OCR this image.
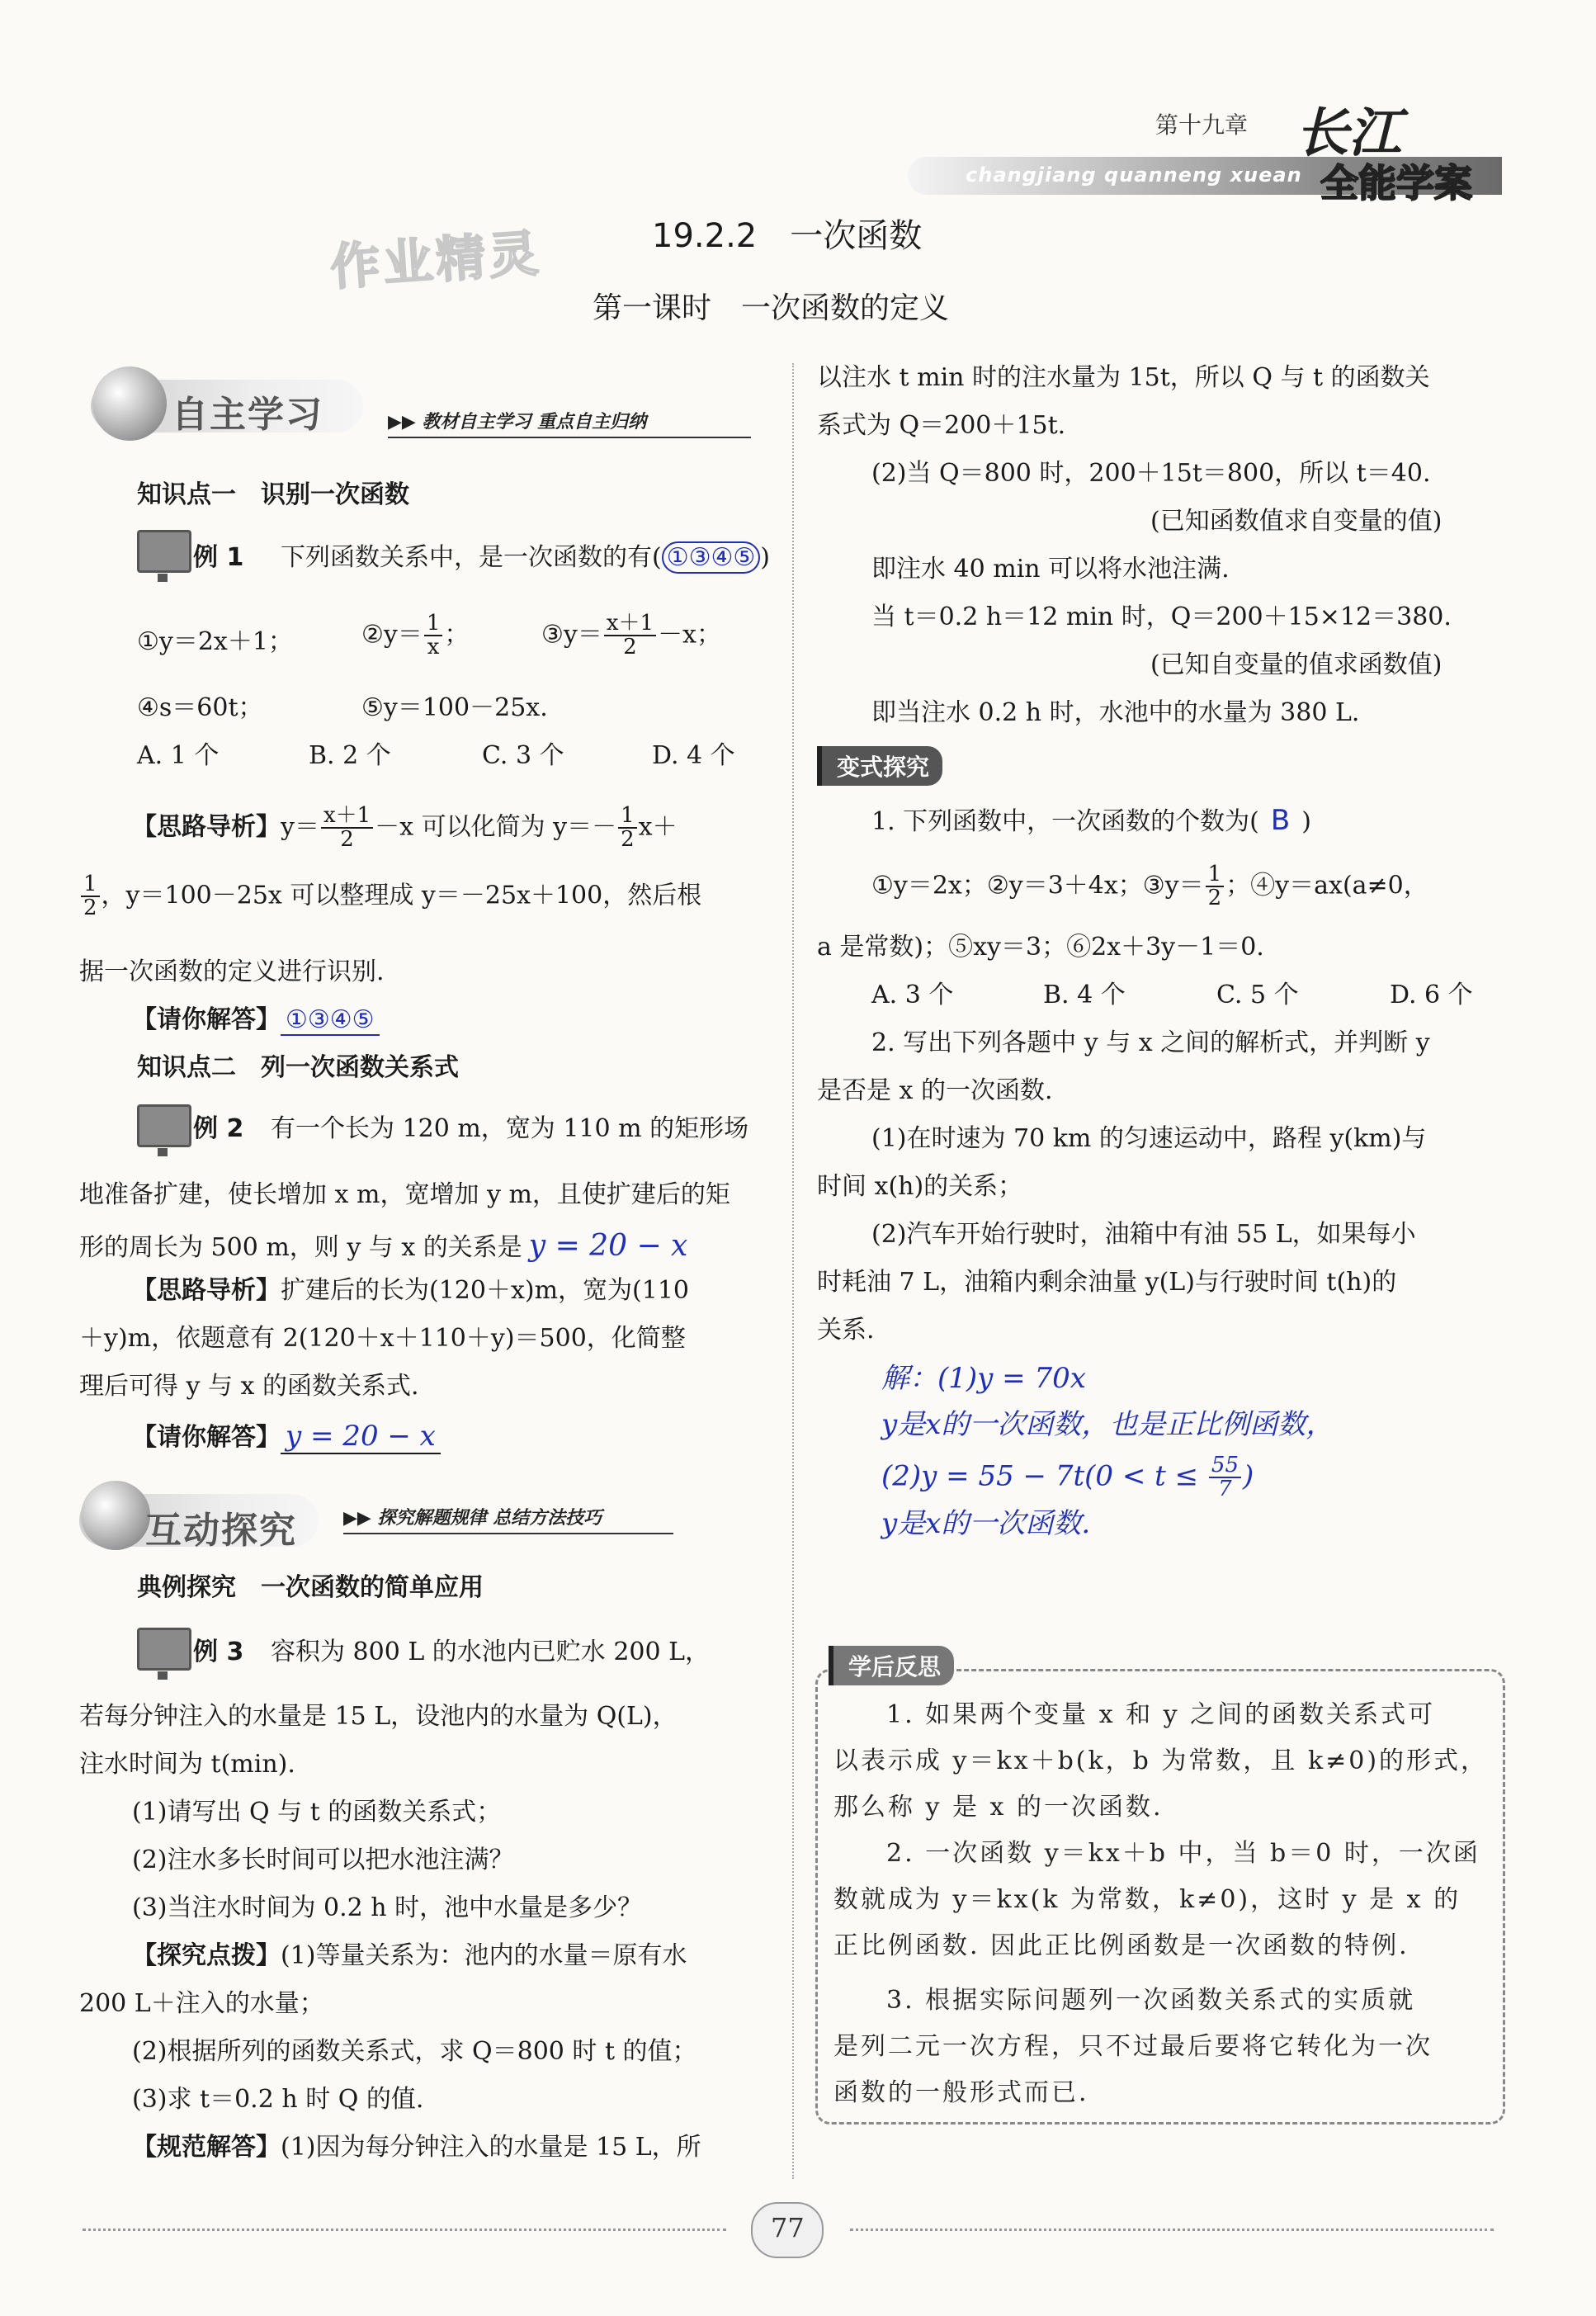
第十九章
changjiang quanneng xuean
长江
全能学案
作业精灵	19.2.2　一次函数
第一课时　一次函数的定义
自主学习	▶▶ 教材自主学习 重点自主归纳
知识点一　识别一次函数
例 1 下列函数关系中，是一次函数的有( ①③④⑤ )
①y＝2x＋1；	②y＝ $\frac{1}{x}$ ；	③y＝ $\frac{x+1}{2} -x$；
④s＝60t；	⑤y＝100－25x.
A. 1 个	B. 2 个	C. 3 个	D. 4 个
【思路导析】$y= \frac{x+1}{2} -x$ 可以化简为 $y=- \frac{1}{2} x+$
$\frac{1}{2}$ ，y＝100－25x 可以整理成 y＝－25x＋100，然后根
据一次函数的定义进行识别.
【请你解答】 ①③④⑤
知识点二　列一次函数关系式
例 2 有一个长为 120 m，宽为 110 m 的矩形场
地准备扩建，使长增加 x m，宽增加 y m，且使扩建后的矩
形的周长为 500 m，则 y 与 x 的关系是 y = 20 − x
【思路导析】扩建后的长为(120＋x)m，宽为(110
＋y)m，依题意有 2(120＋x＋110＋y)＝500，化简整
理后可得 y 与 x 的函数关系式.
【请你解答】 y = 20 − x
互动探究	▶▶ 探究解题规律 总结方法技巧
典例探究　一次函数的简单应用
例 3 容积为 800 L 的水池内已贮水 200 L，
若每分钟注入的水量是 15 L，设池内的水量为 Q(L)，
注水时间为 t(min).
(1)请写出 Q 与 t 的函数关系式；
(2)注水多长时间可以把水池注满？
(3)当注水时间为 0.2 h 时，池中水量是多少？
【探究点拨】(1)等量关系为：池内的水量＝原有水
200 L＋注入的水量；
(2)根据所列的函数关系式，求 Q＝800 时 t 的值；
(3)求 t＝0.2 h 时 Q 的值.
【规范解答】(1)因为每分钟注入的水量是 15 L，所
以注水 t min 时的注水量为 15t，所以 Q 与 t 的函数关
系式为 Q＝200＋15t.
(2)当 Q＝800 时，200＋15t＝800，所以 t＝40.
(已知函数值求自变量的值)
即注水 40 min 可以将水池注满.
当 t＝0.2 h＝12 min 时，Q＝200＋15×12＝380.
(已知自变量的值求函数值)
即当注水 0.2 h 时，水池中的水量为 380 L.
变式探究
1. 下列函数中，一次函数的个数为( B )
①y＝2x；②y＝3＋4x；③y＝ $\frac{1}{2}$ ；④y＝ax(a≠0，
a 是常数)；⑤xy＝3；⑥2x＋3y－1＝0.
A. 3 个	B. 4 个	C. 5 个	D. 6 个
2. 写出下列各题中 y 与 x 之间的解析式，并判断 y
是否是 x 的一次函数.
(1)在时速为 70 km 的匀速运动中，路程 y(km)与
时间 x(h)的关系；
(2)汽车开始行驶时，油箱中有油 55 L，如果每小
时耗油 7 L，油箱内剩余油量 y(L)与行驶时间 t(h)的
关系.
解：(1)y = 70x
y是x的一次函数，也是正比例函数，
$(2)y = 55 - 7t(0 < t \le \frac{55}{7}$ )
y是x的一次函数.
学后反思
1. 如果两个变量 x 和 y 之间的函数关系式可
以表示成 y＝kx＋b(k，b 为常数，且 k≠0)的形式，
那么称 y 是 x 的一次函数.
2. 一次函数 y＝kx＋b 中，当 b＝0 时，一次函
数就成为 y＝kx(k 为常数，k≠0)，这时 y 是 x 的
正比例函数. 因此正比例函数是一次函数的特例.
3. 根据实际问题列一次函数关系式的实质就
是列二元一次方程，只不过最后要将它转化为一次
函数的一般形式而已.
77
